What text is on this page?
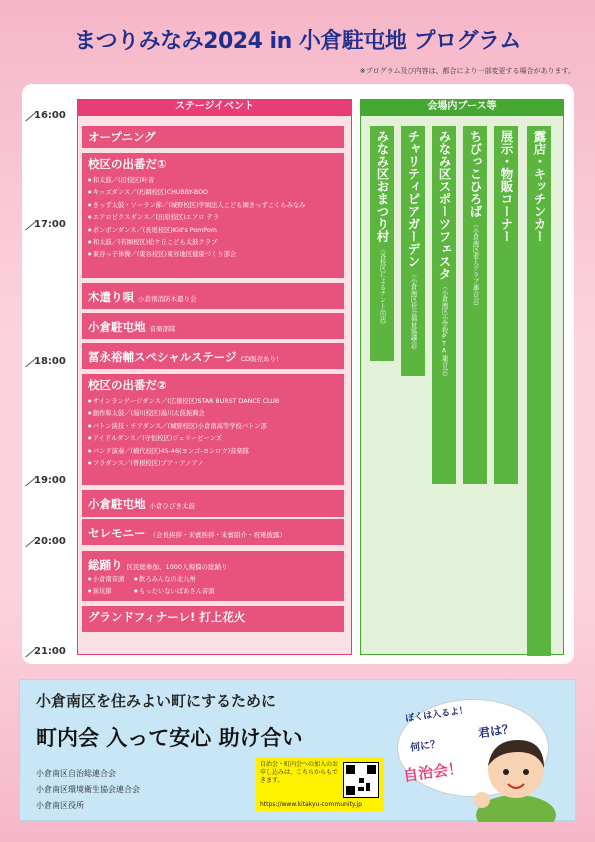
まつりみなみ2024 in 小倉駐屯地 プログラム
※プログラム及び内容は、都合により一部変更する場合があります。
16:00
17:00
18:00
19:00
20:00
21:00
ステージイベント
オープニング
校区の出番だ①
● 和太鼓／(沼校区)叶音
● キッズダンス／(朽網校区)CHUBBY-BOO
● きっず太鼓・ソーラン節／(城野校区)学園法人こども園きっずこくらみなみ
● エアロビクスダンス／(田原校区)エアロ テラ
● ポンポンダンス／(長尾校区)Kid's PomPom
● 和太鼓／(若園校区)松ケ丘こども太鼓クラブ
● 東谷っ子体操／(東谷校区)東谷地区健康づくり部会
木遣り唄 小倉南消防木遣り会
小倉駐屯地 音楽部隊
冨永裕輔スペシャルステージ CD販売あり!
校区の出番だ②
● サインランゲージダンス／(広徳校区)STAR BURST DANCE CLUB
● 創作和太鼓／(湯川校区)湯川太鼓振興会
● バトン演技・チアダンス／(城野校区)小倉南高等学校バトン部
● アイドルダンス／(守恒校区)ジェリービーンズ
● バンド演奏／(横代校区)45-46(ヨンゴ-ヨンロク)音楽隊
● フラダンス／(曽根校区)プア・アノアノ
小倉駐屯地 小倉ひびき太鼓
セレモニー （会長挨拶・来賓挨拶・来賓紹介・祝電披露）
総踊り 区民総参加、1000人規模の総踊り
● 小倉南音頭
● 炭坑節
● 飲ろみんなの北九州
● もったいないばあさん音頭
グランドフィナーレ! 打上花火
会場内ブース等
みなみ区おまつり村
（各校区によるテント出店）
チャリティピアガーデン
（小倉南区社会福祉協議会）
みなみ区スポーツフェスタ
（小倉南区小学校PTA連合会）
ちびっこひろば
（小倉南区老人クラブ連合会）
展示・物販コーナー 露店・キッチンカー
小倉南区を住みよい町にするために
町内会 入って安心 助け合い
小倉南区自治総連合会
小倉南区環境衛生協会連合会
小倉南区役所
自治会・町内会への加入のお申し込みは、こちらからもできます。
https://www.kitakyu-community.jp
ぼくは入るよ！
君は？
何に？
自治会！
